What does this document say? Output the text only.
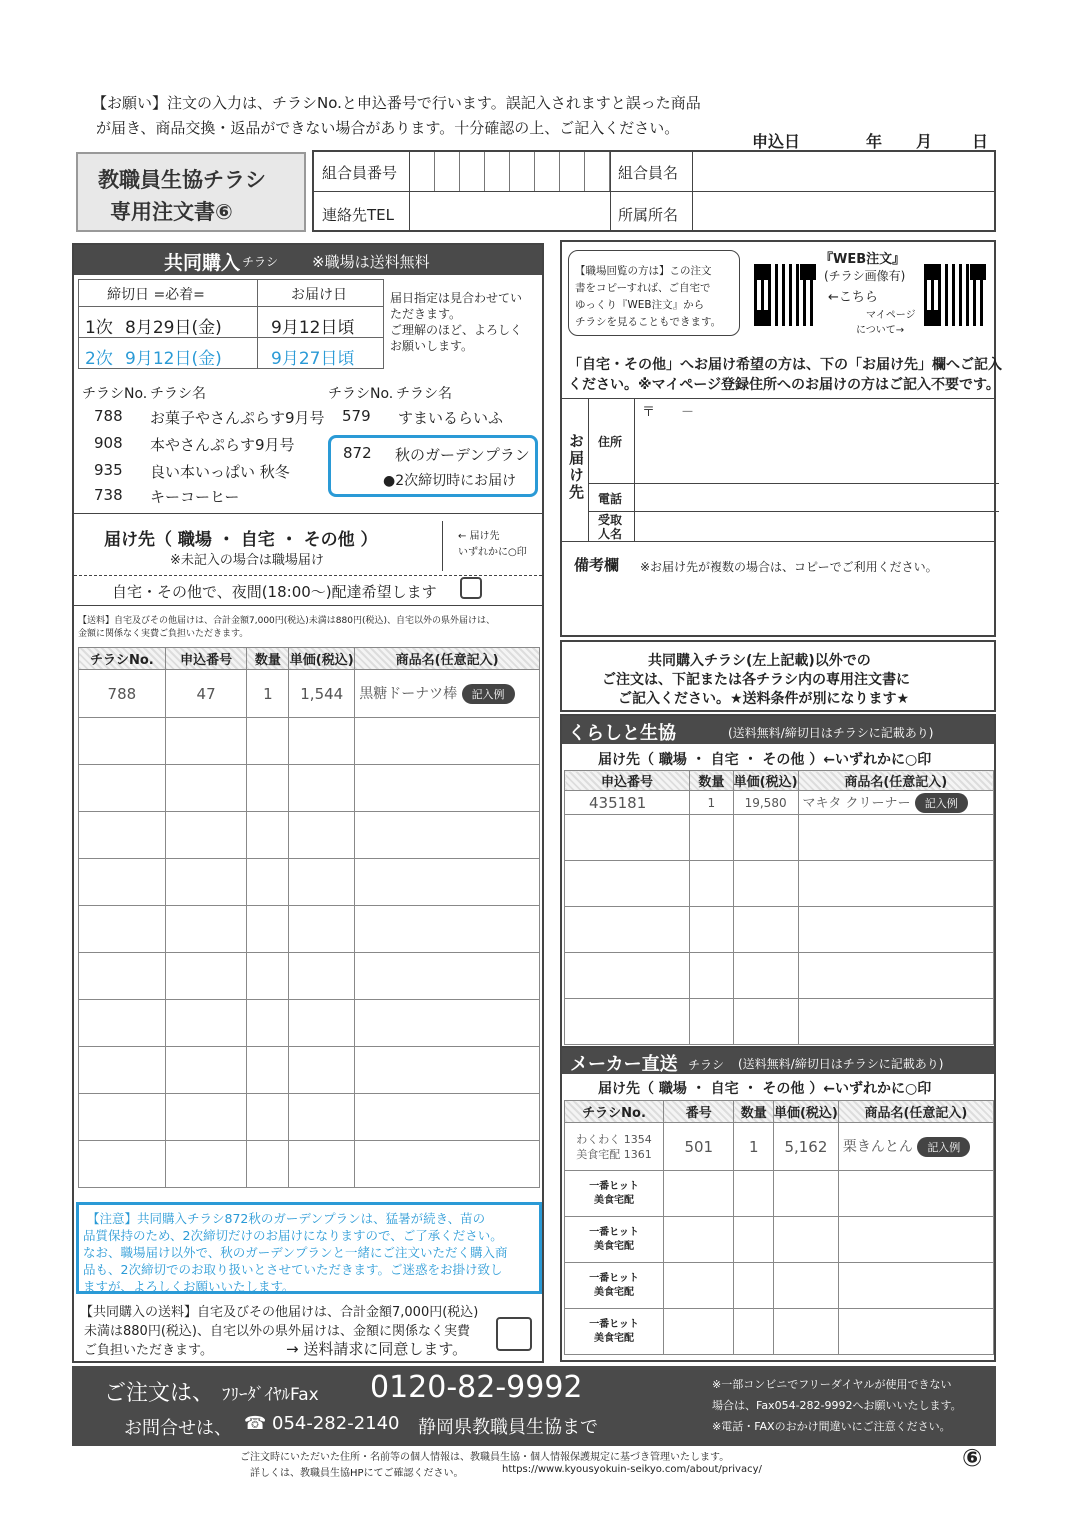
【お願い】注文の入力は、チラシNo.と申込番号で行います。誤記入されますと誤った商品
が届き、商品交換・返品ができない場合があります。十分確認の上、ご記入ください。
申込日	年 月 日
教職員生協チラシ
専用注文書⑥
組合員番号
連絡先TEL
組合員名
所属所名
共同購入 チラシ ※職場は送料無料
締切日 =必着=	お届け日
1次 8月29日(金)	9月12日頃
2次 9月12日(金)	9月27日頃
届日指定は見合わせてい
ただきます。
ご理解のほど、よろしく
お願いします。
チラシNo. チラシ名	チラシNo. チラシ名
788 お菓子やさんぷらす9月号
908 本やさんぷらす9月号
935 良い本いっぱい 秋冬
738 キーコーヒー
579 すまいるらいふ
872 秋のガーデンプラン
●2次締切時にお届け
届け先（ 職場 ・ 自宅 ・ その他 ）
※未記入の場合は職場届け
← 届け先
いずれかに○印
自宅・その他で、夜間(18:00～)配達希望します
【送料】自宅及びその他届けは、合計金額7,000円(税込)未満は880円(税込)、自宅以外の県外届けは、
金額に関係なく実費ご負担いただきます。
チラシNo.	申込番号	数量	単価(税込)	商品名(任意記入)
788	47	1	1,544	黒糖ドーナツ棒 記入例

【注意】共同購入チラシ872秋のガーデンプランは、猛暑が続き、苗の
品質保持のため、2次締切だけのお届けになりますので、ご了承ください。
なお、職場届け以外で、秋のガーデンプランと一緒にご注文いただく購入商
品も、2次締切でのお取り扱いとさせていただきます。ご迷惑をお掛け致し
ますが、よろしくお願いいたします。
【共同購入の送料】自宅及びその他届けは、合計金額7,000円(税込)
未満は880円(税込)、自宅以外の県外届けは、金額に関係なく実費
ご負担いただきます。	→ 送料請求に同意します。
【職場回覧の方は】この注文
書をコピーすれば、ご自宅で
ゆっくり『WEB注文』から
チラシを見ることもできます。
『WEB注文』
(チラシ画像有)
←こちら
マイページ
について→
「自宅・その他」へお届け希望の方は、下の「お届け先」欄へご記入
ください。※マイページ登録住所へのお届けの方はご記入不要です。
お届け先 住所
〒　　－
電話
受取人名
備考欄 ※お届け先が複数の場合は、コピーでご利用ください。
共同購入チラシ(左上記載)以外での
ご注文は、下記または各チラシ内の専用注文書に
ご記入ください。★送料条件が別になります★
くらしと生協	(送料無料/締切日はチラシに記載あり)
届け先（ 職場 ・ 自宅 ・ その他 ）←いずれかに○印
申込番号	数量	単価(税込)	商品名(任意記入)
435181	1	19,580	マキタ クリーナー 記入例

メーカー直送 チラシ (送料無料/締切日はチラシに記載あり)
届け先（ 職場 ・ 自宅 ・ その他 ）←いずれかに○印
チラシNo.	番号	数量	単価(税込)	商品名(任意記入)

わくわく 1354
美食宅配 1361	501	1	5,162	栗きんとん 記入例

一番ヒット
美食宅配				

一番ヒット
美食宅配				

一番ヒット
美食宅配				

一番ヒット
美食宅配				

ご注文は、 ﾌﾘｰﾀﾞｲﾔﾙFax 0120-82-9992
お問合せは、 ☎ 054-282-2140 静岡県教職員生協まで
※一部コンビニでフリーダイヤルが使用できない
場合は、Fax054-282-9992へお願いいたします。
※電話・FAXのおかけ間違いにご注意ください。
ご注文時にいただいた住所・名前等の個人情報は、教職員生協・個人情報保護規定に基づき管理いたします。
詳しくは、教職員生協HPにてご確認ください。	https://www.kyousyokuin-seikyo.com/about/privacy/	⑥
